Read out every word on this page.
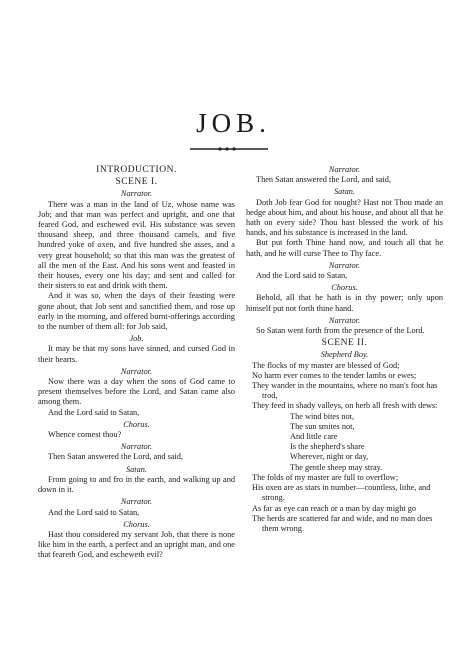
JOB.

INTRODUCTION.

SCENE I.

Narrator.

There was a man in the land of Uz, whose name was Job; and that man was perfect and upright, and one that feared God, and eschewed evil. His substance was seven thousand sheep, and three thousand camels, and five hundred yoke of oxen, and five hundred she asses, and a very great household; so that this man was the greatest of all the men of the East. And his sons went and feasted in their houses, every one his day; and sent and called for their sisters to eat and drink with them.

And it was so, when the days of their feasting were gone about, that Job sent and sanctified them, and rose up early in the morning, and offered burnt-offerings according to the number of them all: for Job said,

Job.

It may be that my sons have sinned, and cursed God in their hearts.

Narrator.

Now there was a day when the sons of God came to present themselves before the Lord, and Satan came also among them.

And the Lord said to Satan,

Chorus.

Whence comest thou?

Narrator.

Then Satan answered the Lord, and said,

Satan.

From going to and fro in the earth, and walking up and down in it.

Narrator.

And the Lord said to Satan,

Chorus.

Hast thou considered my servant Job, that there is none like him in the earth, a perfect and an upright man, and one that feareth God, and escheweth evil?

Narrator.

Then Satan answered the Lord, and said,

Satan.

Doth Job fear God for nought? Hast not Thou made an hedge about him, and about his house, and about all that he hath on every side? Thou hast blessed the work of his hands, and his substance is increased in the land.

But put forth Thine hand now, and touch all that he hath, and he will curse Thee to Thy face.

Narrator.

And the Lord said to Satan,

Chorus.

Behold, all that he hath is in thy power; only upon himself put not forth thine hand.

Narrator.

So Satan went forth from the presence of the Lord.

SCENE II.

Shepherd Boy.

The flocks of my master are blessed of God;

No harm ever comes to the tender lambs or ewes;

They wander in the mountains, where no man's foot has trod,

They feed in shady valleys, on herb all fresh with dews:

The wind bites not,

The sun smites not,

And little care

Is the shepherd's share

Wherever, night or day,

The gentle sheep may stray.

The folds of my master are full to overflow;

His oxen are as stars in number—countless, lithe, and strong.

As far as eye can reach or a man by day might go

The herds are scattered far and wide, and no man does them wrong.
